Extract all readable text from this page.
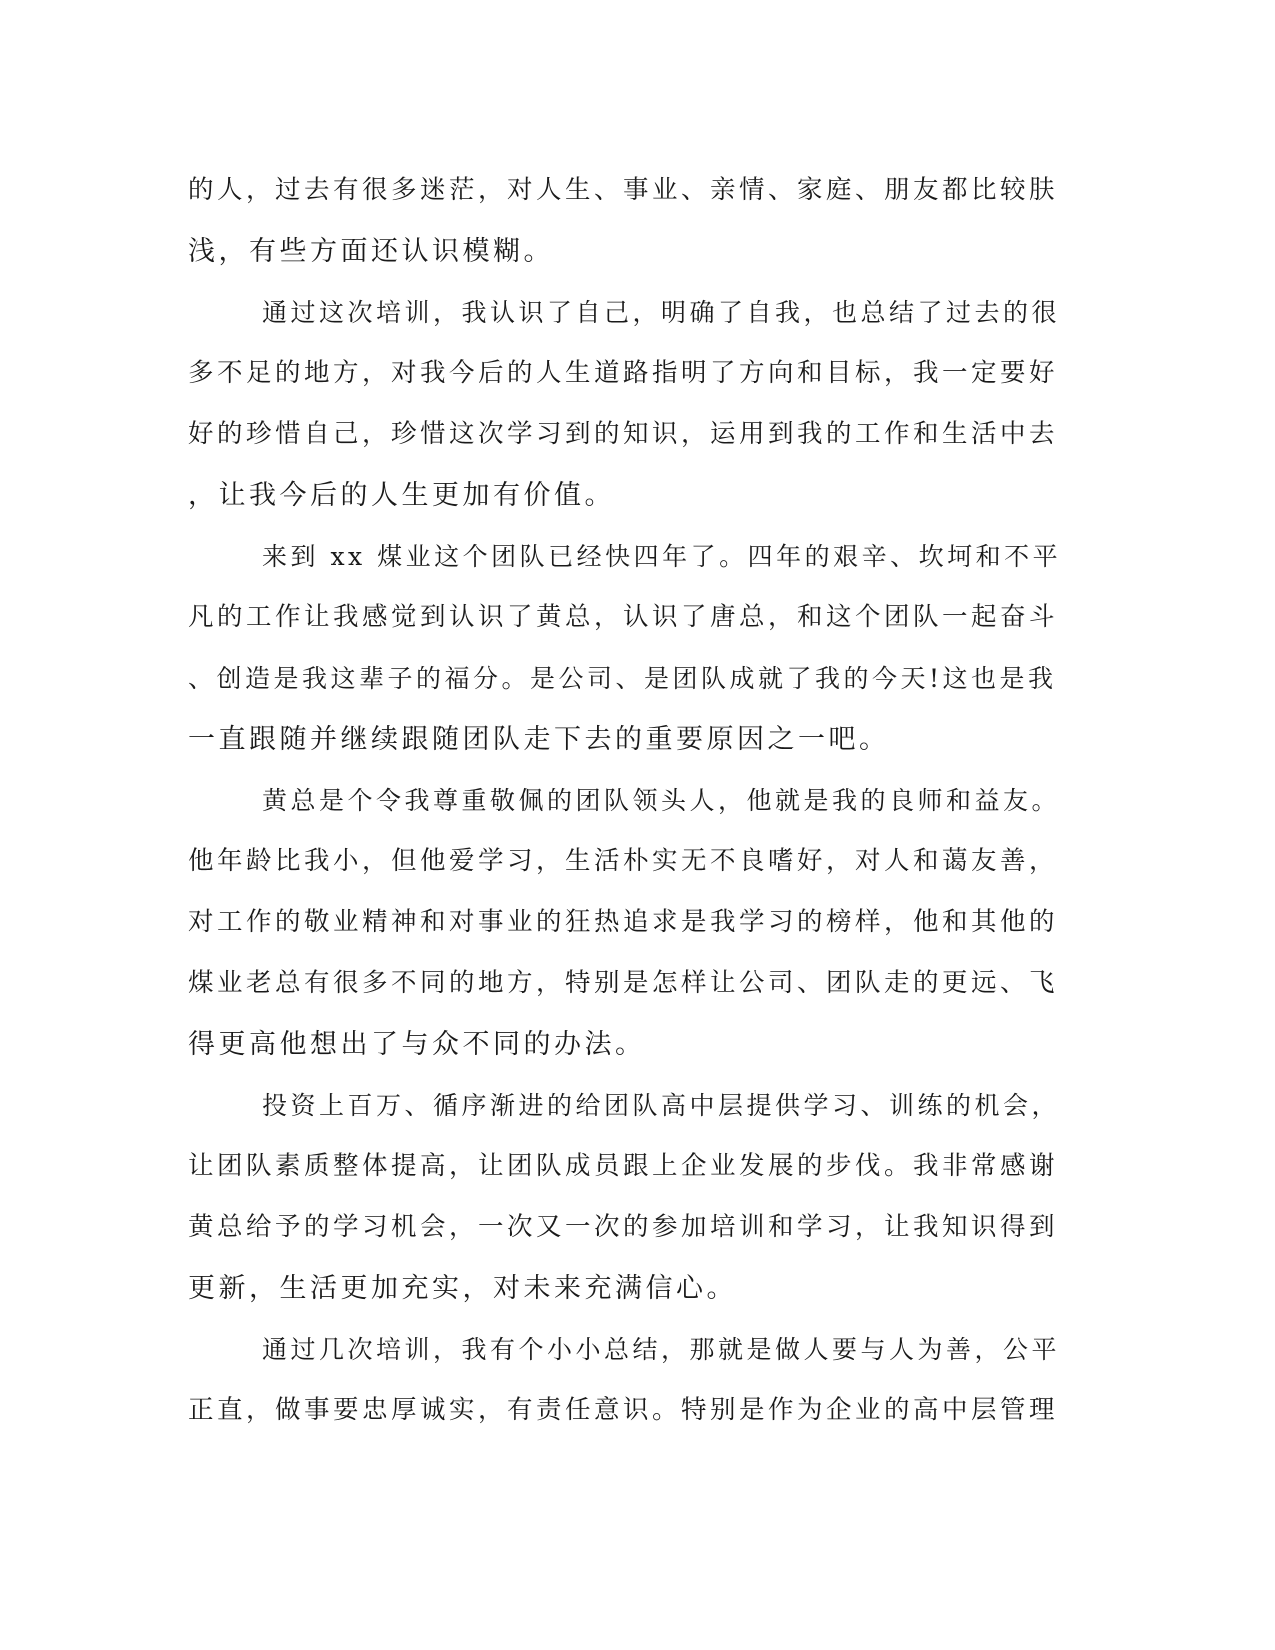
的人，过去有很多迷茫，对人生、事业、亲情、家庭、朋友都比较肤
浅，有些方面还认识模糊。
通过这次培训，我认识了自己，明确了自我，也总结了过去的很
多不足的地方，对我今后的人生道路指明了方向和目标，我一定要好
好的珍惜自己，珍惜这次学习到的知识，运用到我的工作和生活中去
，让我今后的人生更加有价值。
来到 xx 煤业这个团队已经快四年了。四年的艰辛、坎坷和不平
凡的工作让我感觉到认识了黄总，认识了唐总，和这个团队一起奋斗
、创造是我这辈子的福分。是公司、是团队成就了我的今天!这也是我
一直跟随并继续跟随团队走下去的重要原因之一吧。
黄总是个令我尊重敬佩的团队领头人，他就是我的良师和益友。
他年龄比我小，但他爱学习，生活朴实无不良嗜好，对人和蔼友善，
对工作的敬业精神和对事业的狂热追求是我学习的榜样，他和其他的
煤业老总有很多不同的地方，特别是怎样让公司、团队走的更远、飞
得更高他想出了与众不同的办法。
投资上百万、循序渐进的给团队高中层提供学习、训练的机会，
让团队素质整体提高，让团队成员跟上企业发展的步伐。我非常感谢
黄总给予的学习机会，一次又一次的参加培训和学习，让我知识得到
更新，生活更加充实，对未来充满信心。
通过几次培训，我有个小小总结，那就是做人要与人为善，公平
正直，做事要忠厚诚实，有责任意识。特别是作为企业的高中层管理
